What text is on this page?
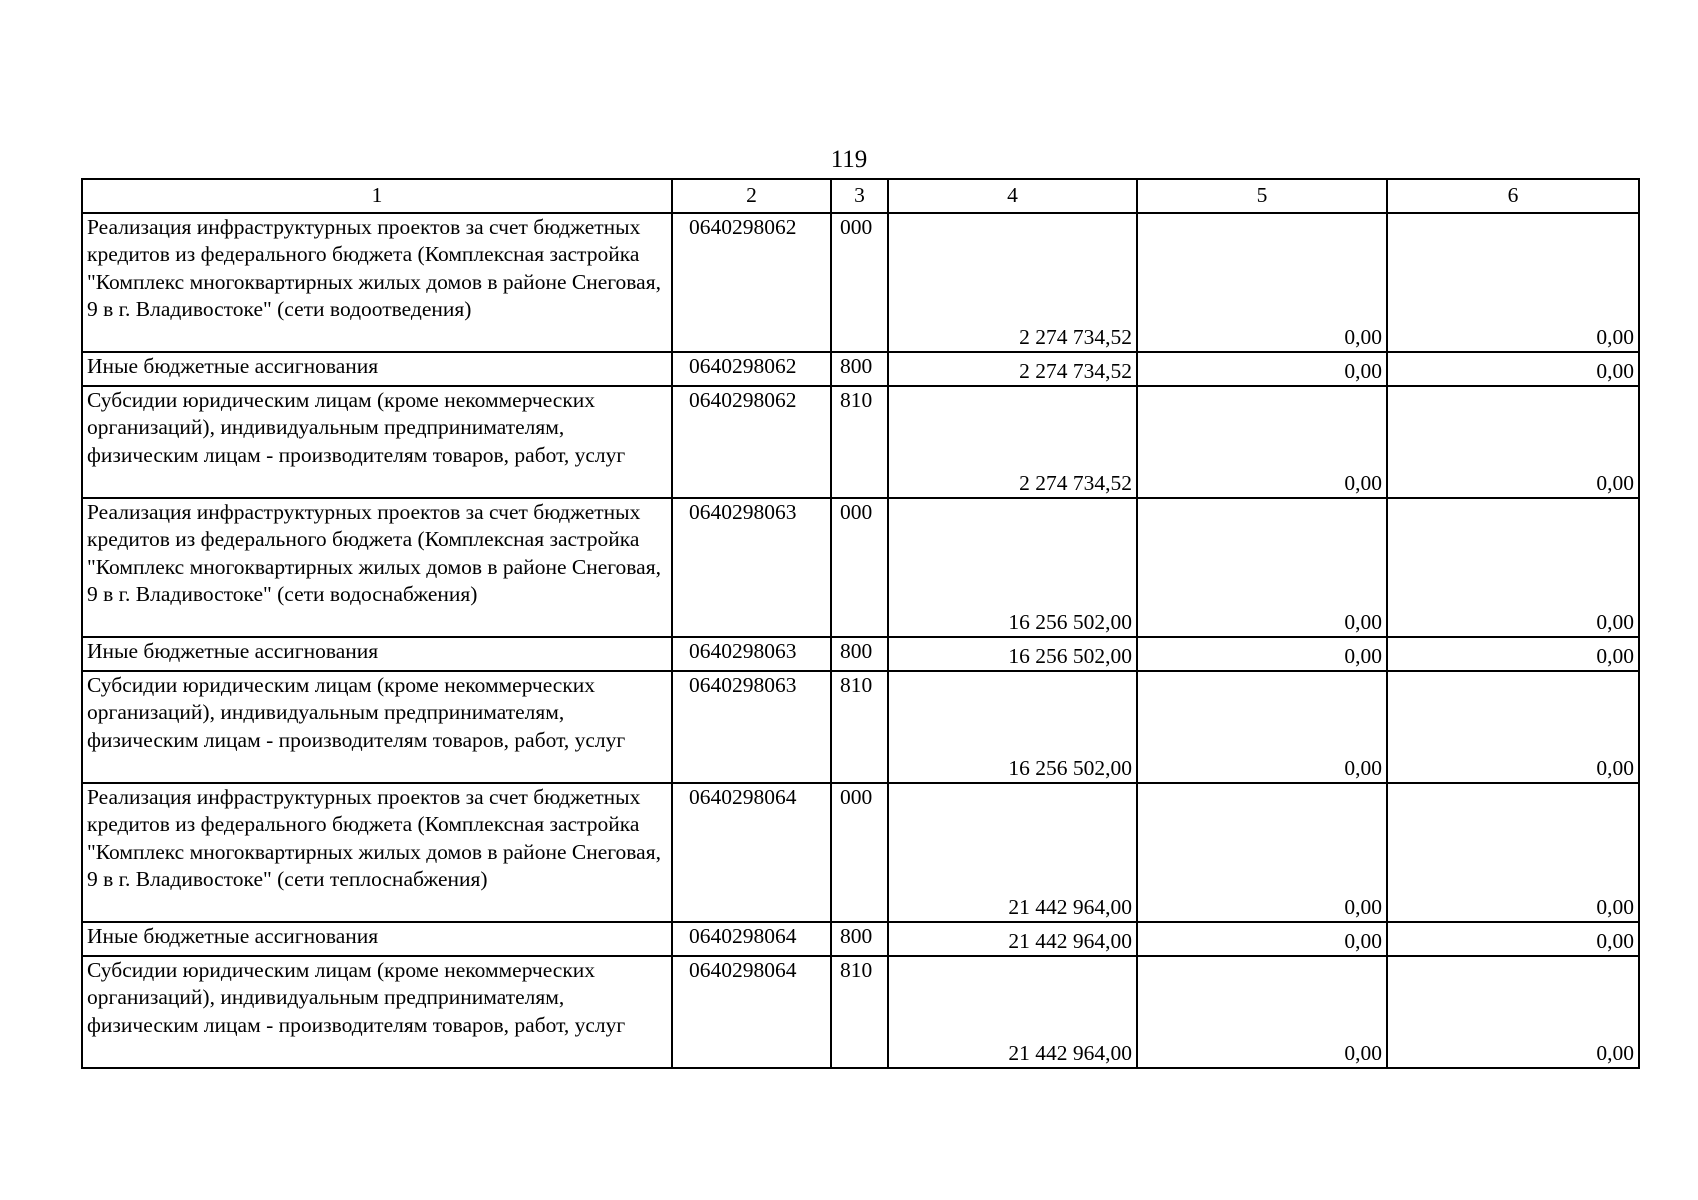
119
1	2	3	4	5	6
Реализация инфраструктурных проектов за счет бюджетных кредитов из федерального бюджета (Комплексная застройка "Комплекс многоквартирных жилых домов в районе Снеговая, 9 в г. Владивостоке" (сети водоотведения)	0640298062	000	2 274 734,52	0,00	0,00
Иные бюджетные ассигнования	0640298062	800	2 274 734,52	0,00	0,00
Субсидии юридическим лицам (кроме некоммерческих организаций), индивидуальным предпринимателям, физическим лицам - производителям товаров, работ, услуг	0640298062	810	2 274 734,52	0,00	0,00
Реализация инфраструктурных проектов за счет бюджетных кредитов из федерального бюджета (Комплексная застройка "Комплекс многоквартирных жилых домов в районе Снеговая, 9 в г. Владивостоке" (сети водоснабжения)	0640298063	000	16 256 502,00	0,00	0,00
Иные бюджетные ассигнования	0640298063	800	16 256 502,00	0,00	0,00
Субсидии юридическим лицам (кроме некоммерческих организаций), индивидуальным предпринимателям, физическим лицам - производителям товаров, работ, услуг	0640298063	810	16 256 502,00	0,00	0,00
Реализация инфраструктурных проектов за счет бюджетных кредитов из федерального бюджета (Комплексная застройка "Комплекс многоквартирных жилых домов в районе Снеговая, 9 в г. Владивостоке" (сети теплоснабжения)	0640298064	000	21 442 964,00	0,00	0,00
Иные бюджетные ассигнования	0640298064	800	21 442 964,00	0,00	0,00
Субсидии юридическим лицам (кроме некоммерческих организаций), индивидуальным предпринимателям, физическим лицам - производителям товаров, работ, услуг	0640298064	810	21 442 964,00	0,00	0,00
